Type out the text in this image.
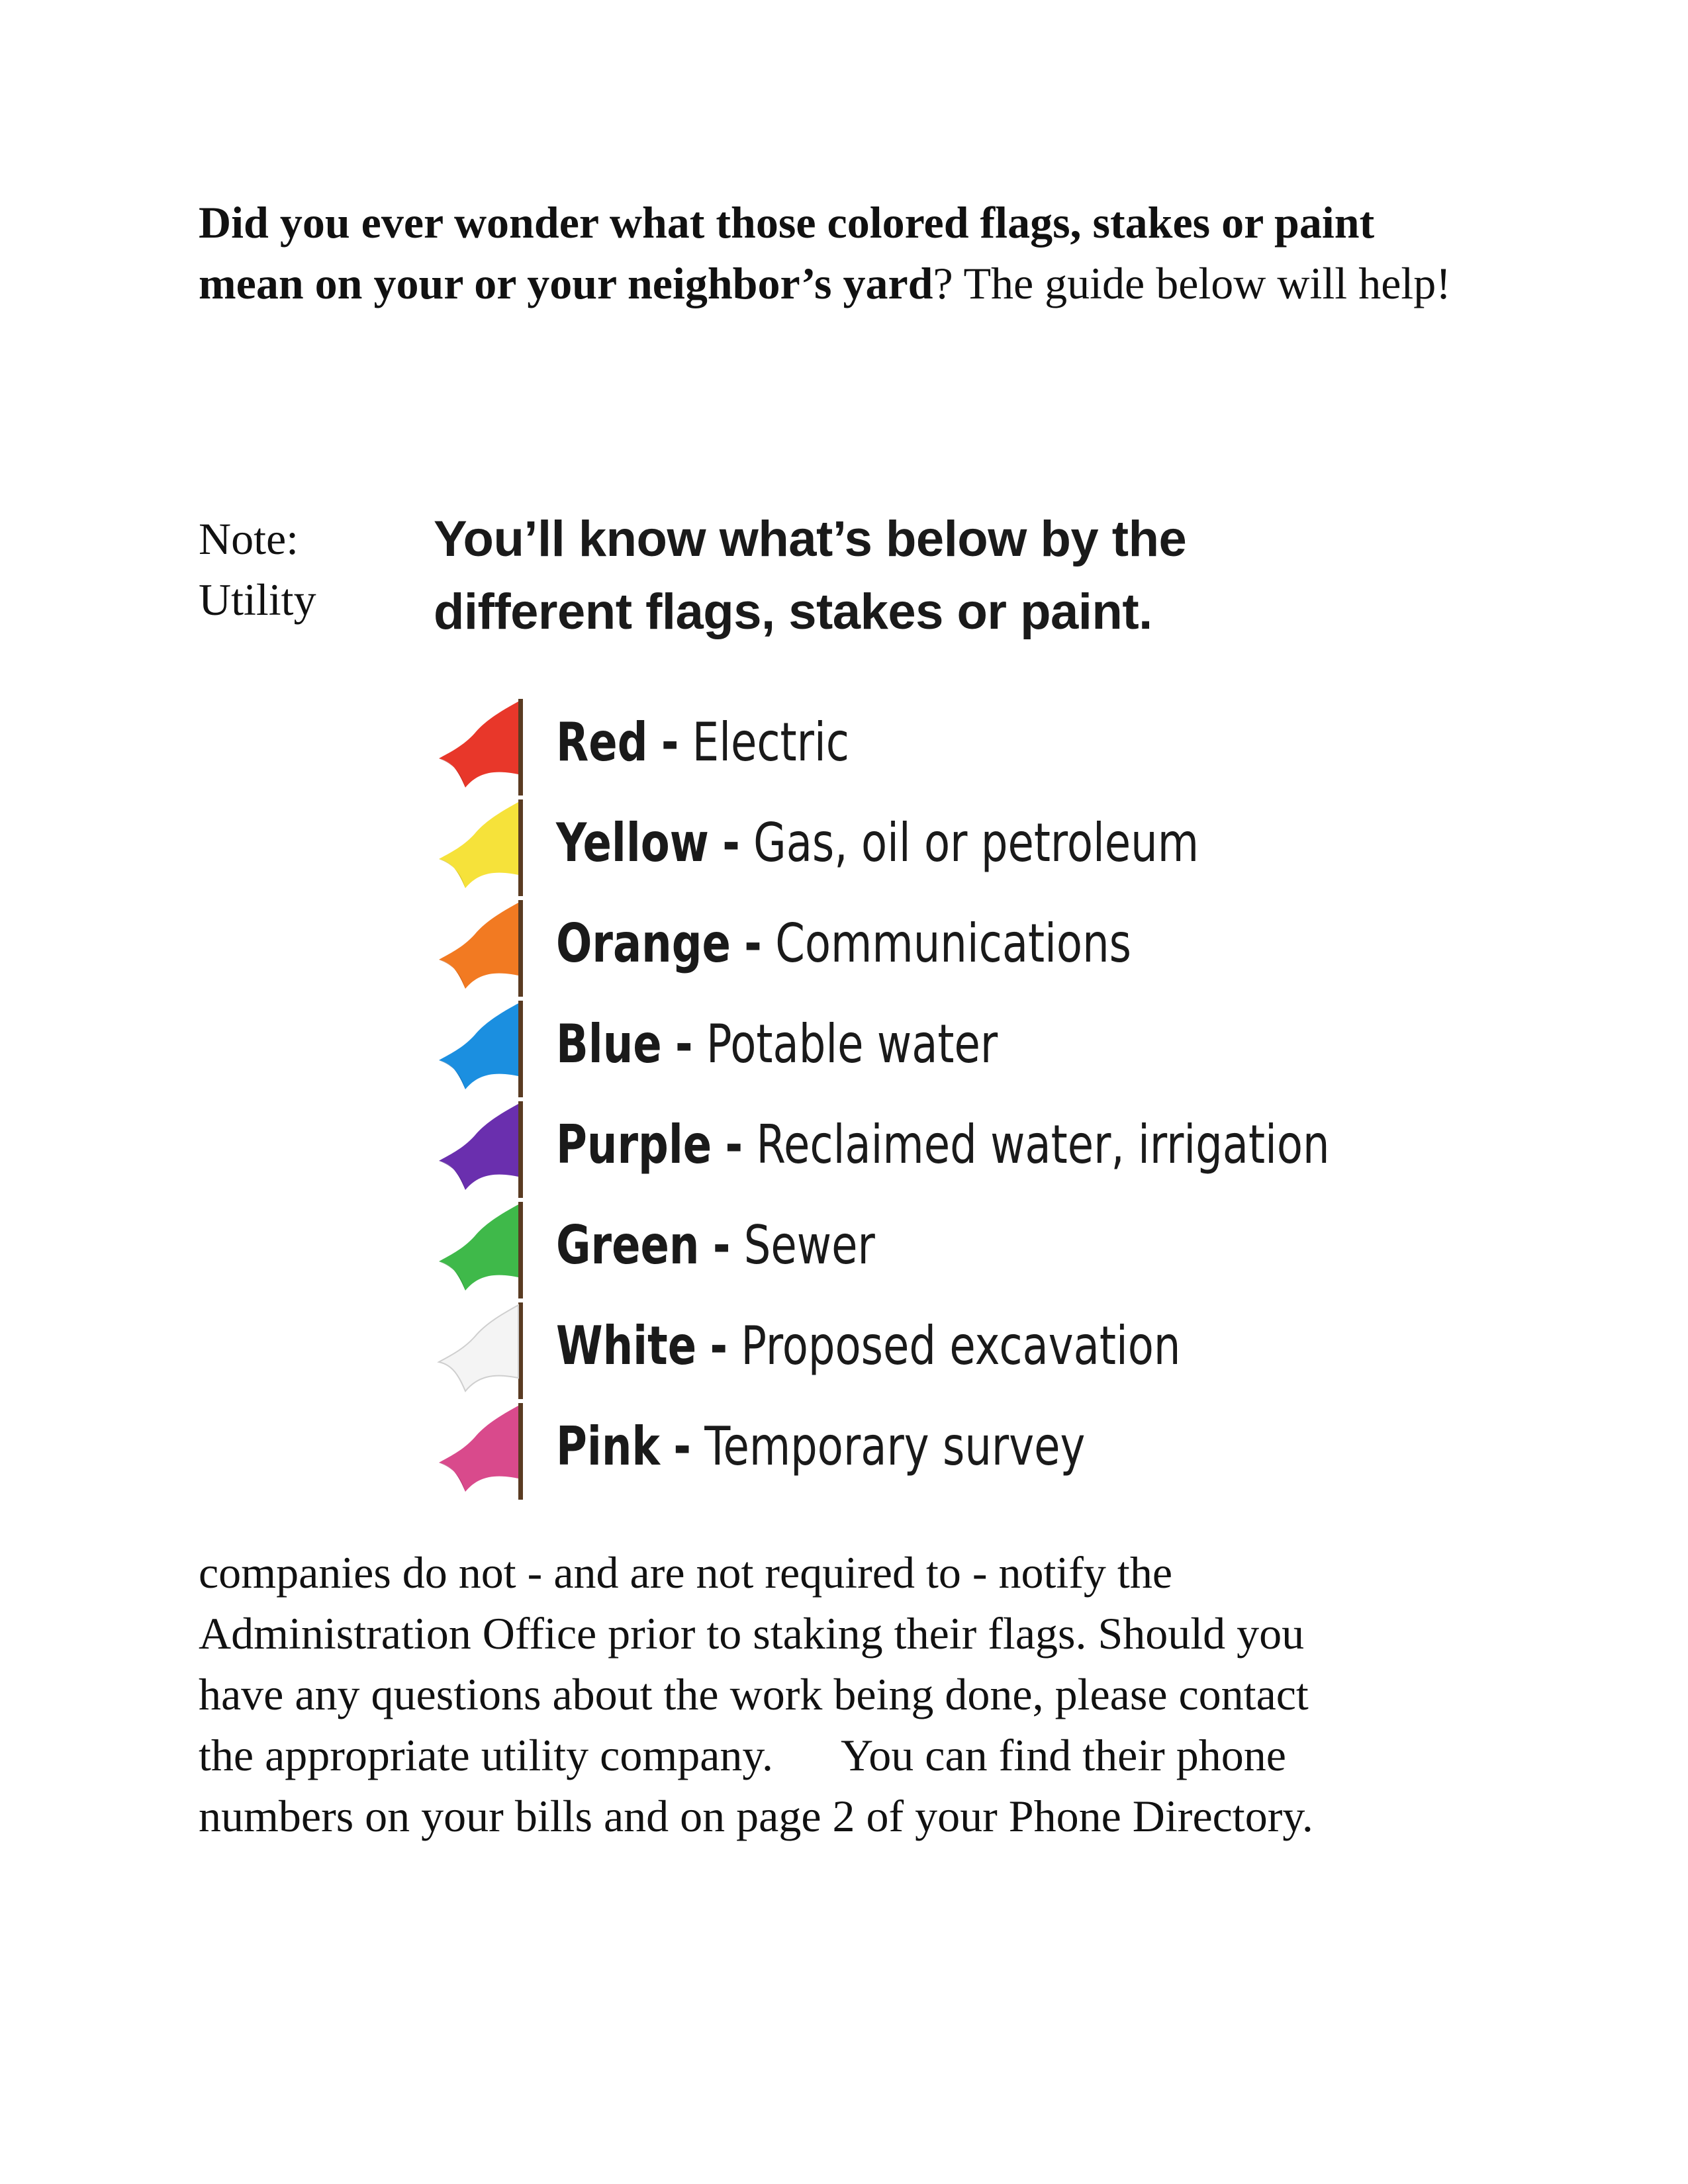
Did you ever wonder what those colored flags, stakes or paint mean on your or your neighbor’s yard? The guide below will help!

Note:
Utility

You’ll know what’s below by the
different flags, stakes or paint.
Red - Electric
Yellow - Gas, oil or petroleum
Orange - Communications
Blue - Potable water
Purple - Reclaimed water, irrigation
Green - Sewer
White - Proposed excavation
Pink - Temporary survey

companies do not - and are not required to - notify the
Administration Office prior to staking their flags. Should you
have any questions about the work being done, please contact
the appropriate utility company.      You can find their phone
numbers on your bills and on page 2 of your Phone Directory.
